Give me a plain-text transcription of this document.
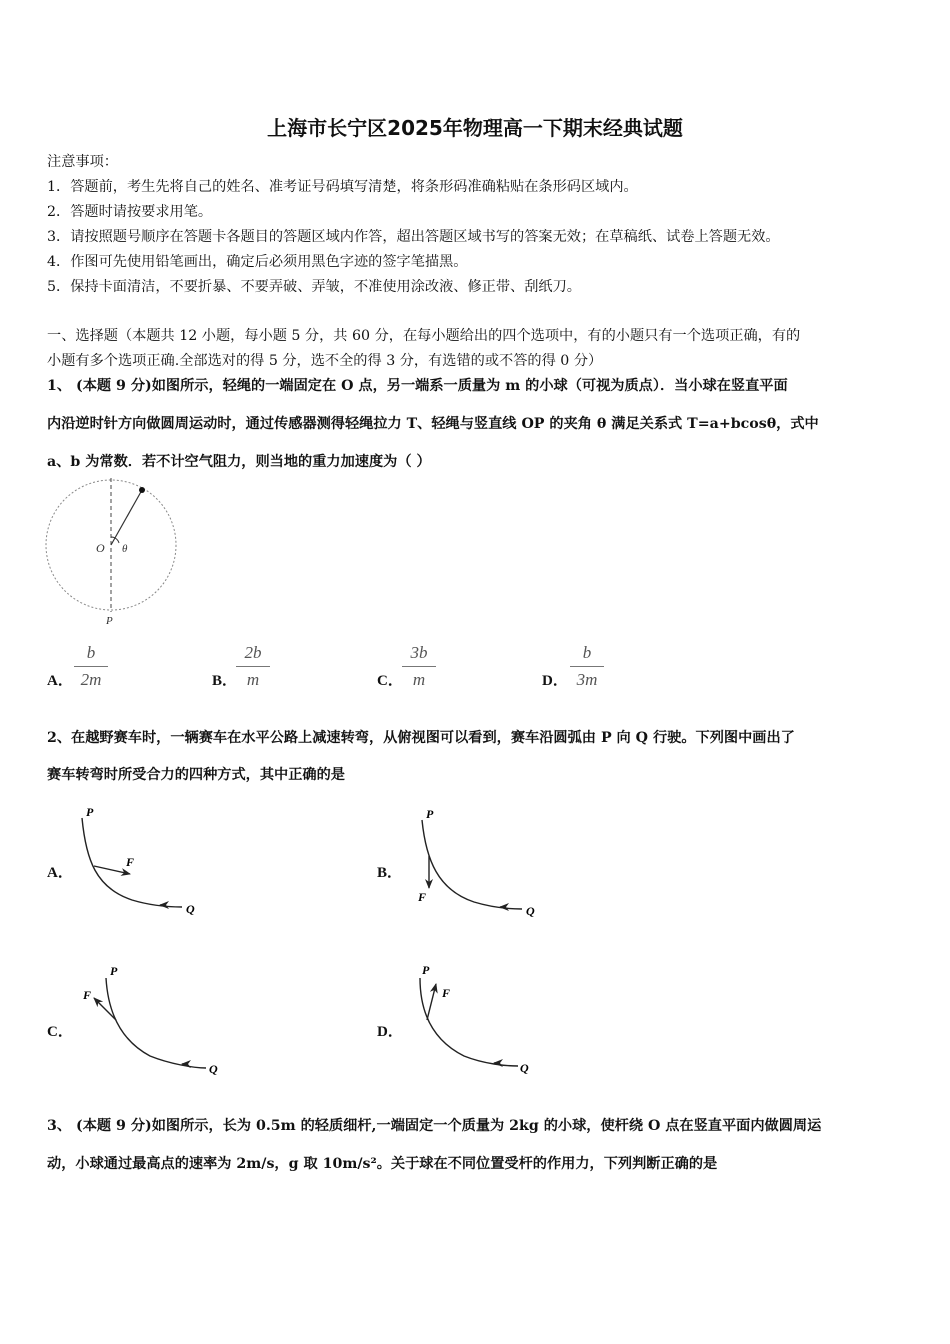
上海市长宁区2025年物理高一下期末经典试题
注意事项：
1．答题前，考生先将自己的姓名、准考证号码填写清楚，将条形码准确粘贴在条形码区域内。
2．答题时请按要求用笔。
3．请按照题号顺序在答题卡各题目的答题区域内作答，超出答题区域书写的答案无效；在草稿纸、试卷上答题无效。
4．作图可先使用铅笔画出，确定后必须用黑色字迹的签字笔描黑。
5．保持卡面清洁，不要折暴、不要弄破、弄皱，不准使用涂改液、修正带、刮纸刀。
一、选择题（本题共 12 小题，每小题 5 分，共 60 分，在每小题给出的四个选项中，有的小题只有一个选项正确，有的
小题有多个选项正确.全部选对的得 5 分，选不全的得 3 分，有选错的或不答的得 0 分）
1、 (本题 9 分)如图所示，轻绳的一端固定在 O 点，另一端系一质量为 m 的小球（可视为质点）．当小球在竖直平面
内沿逆时针方向做圆周运动时，通过传感器测得轻绳拉力 T、轻绳与竖直线 OP 的夹角 θ 满足关系式 T=a+bcosθ，式中
a、b 为常数．若不计空气阻力，则当地的重力加速度为（ ）
O θ
P
A．
b
2m	B．
2b
m	C．
3b
m	D．
b
3m
2、在越野赛车时，一辆赛车在水平公路上减速转弯，从俯视图可以看到，赛车沿圆弧由 P 向 Q 行驶。下列图中画出了
赛车转弯时所受合力的四种方式，其中正确的是
A．
P
Q
F
B．
P
Q
F
C．
P
Q
F
D．
P
Q
F
3、 (本题 9 分)如图所示，长为 0.5m 的轻质细杆,一端固定一个质量为 2kg 的小球，使杆绕 O 点在竖直平面内做圆周运
动，小球通过最高点的速率为 2m/s，g 取 10m/s²。关于球在不同位置受杆的作用力，下列判断正确的是
